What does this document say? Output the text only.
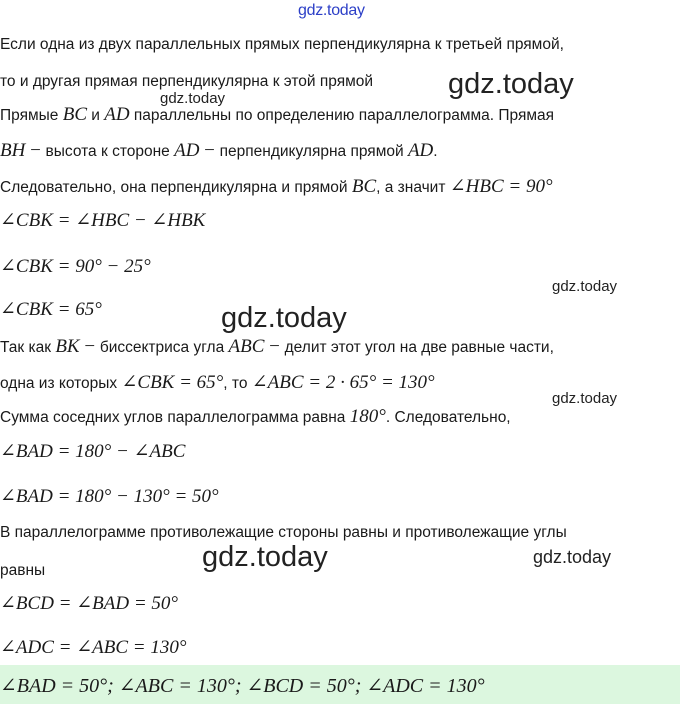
gdz.today
Если одна из двух параллельных прямых перпендикулярна к третьей прямой,
то и другая прямая перпендикулярна к этой прямой	gdz.today
gdz.today
Прямые BC и AD параллельны по определению параллелограмма. Прямая
BH − высота к стороне AD − перпендикулярна прямой AD.
Следовательно, она перпендикулярна и прямой BC, а значит ∠HBC = 90°
∠CBK = ∠HBC − ∠HBK
∠CBK = 90° − 25°
gdz.today
∠CBK = 65°	gdz.today
Так как BK − биссектриса угла ABC − делит этот угол на две равные части,
одна из которых ∠CBK = 65°, то ∠ABC = 2 · 65° = 130°
gdz.today
Сумма соседних углов параллелограмма равна 180°. Следовательно,
∠BAD = 180° − ∠ABC
∠BAD = 180° − 130° = 50°
В параллелограмме противолежащие стороны равны и противолежащие углы
равны	gdz.today	gdz.today
∠BCD = ∠BAD = 50°
∠ADC = ∠ABC = 130°
∠BAD = 50°; ∠ABC = 130°; ∠BCD = 50°; ∠ADC = 130°
